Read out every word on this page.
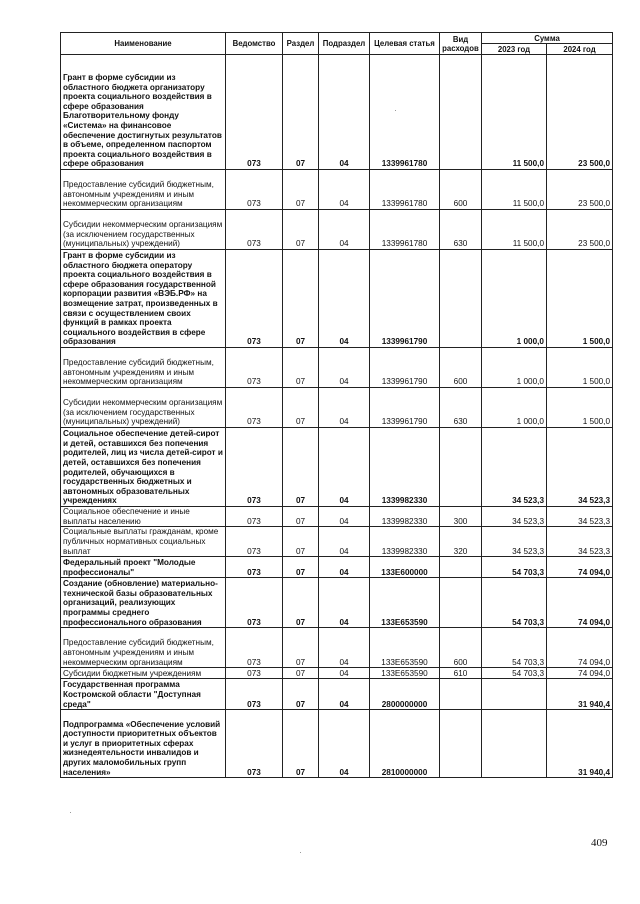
Наименование	Ведомство	Раздел	Подраздел	Целевая статья	Вид расходов	Сумма	
						2023 год	2024 год
Грант в форме субсидии из областного бюджета организатору проекта социального воздействия в сфере образования Благотворительному фонду «Система» на финансовое обеспечение достигнутых результатов в объеме, определенном паспортом проекта социального воздействия в сфере образования	073	07	04	1339961780		11 500,0	23 500,0
Предоставление субсидий бюджетным, автономным учреждениям и иным некоммерческим организациям	073	07	04	1339961780	600	11 500,0	23 500,0
Субсидии некоммерческим организациям (за исключением государственных (муниципальных) учреждений)	073	07	04	1339961780	630	11 500,0	23 500,0
Грант в форме субсидии из областного бюджета оператору проекта социального воздействия в сфере образования государственной корпорации развития «ВЭБ.РФ» на возмещение затрат, произведенных в связи с осуществлением своих функций в рамках проекта социального воздействия в сфере образования	073	07	04	1339961790		1 000,0	1 500,0
Предоставление субсидий бюджетным, автономным учреждениям и иным некоммерческим организациям	073	07	04	1339961790	600	1 000,0	1 500,0
Субсидии некоммерческим организациям (за исключением государственных (муниципальных) учреждений)	073	07	04	1339961790	630	1 000,0	1 500,0
Социальное обеспечение детей-сирот и детей, оставшихся без попечения родителей, лиц из числа детей-сирот и детей, оставшихся без попечения родителей, обучающихся в государственных бюджетных и автономных образовательных учреждениях	073	07	04	1339982330		34 523,3	34 523,3
Социальное обеспечение и иные выплаты населению	073	07	04	1339982330	300	34 523,3	34 523,3
Социальные выплаты гражданам, кроме публичных нормативных социальных выплат	073	07	04	1339982330	320	34 523,3	34 523,3
Федеральный проект "Молодые профессионалы"	073	07	04	133Е600000		54 703,3	74 094,0
Создание (обновление) материально-технической базы образовательных организаций, реализующих программы среднего профессионального образования	073	07	04	133Е653590		54 703,3	74 094,0
Предоставление субсидий бюджетным, автономным учреждениям и иным некоммерческим организациям	073	07	04	133Е653590	600	54 703,3	74 094,0
Субсидии бюджетным учреждениям	073	07	04	133Е653590	610	54 703,3	74 094,0
Государственная программа Костромской области "Доступная среда"	073	07	04	2800000000			31 940,4
Подпрограмма «Обеспечение условий доступности приоритетных объектов и услуг в приоритетных сферах жизнедеятельности инвалидов и других маломобильных групп населения»	073	07	04	2810000000			31 940,4
409
